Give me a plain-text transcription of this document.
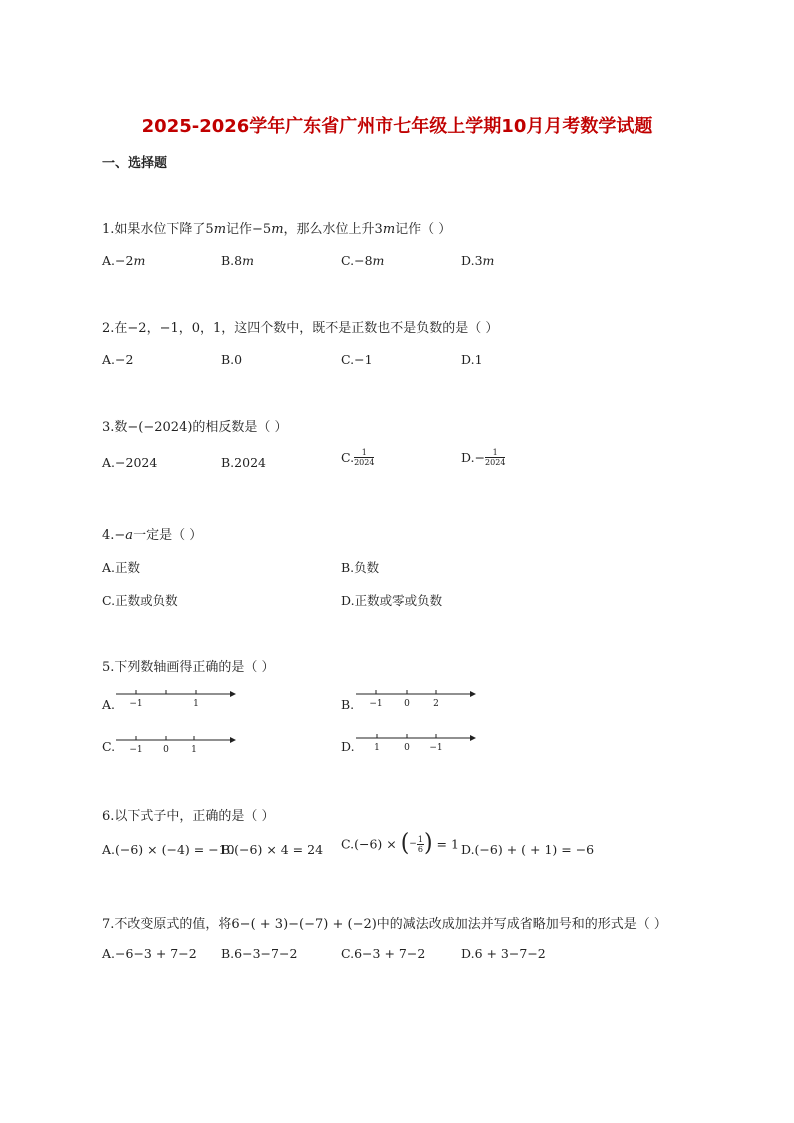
2025-2026学年广东省广州市七年级上学期10月月考数学试题
一、选择题
1.如果水位下降了5m记作−5m，那么水位上升3m记作（ ）
A.−2m	B.8m	C.−8m	D.3m
2.在−2，−1，0，1，这四个数中，既不是正数也不是负数的是（ ）
A.−2	B.0	C.−1	D.1
3.数−(−2024)的相反数是（ ）
A.−2024	B.2024	C. $\frac{1}{2024}$	$D.- \frac{1}{2024}$
4.−a一定是（ ）
A.正数	B.负数
C.正数或负数	D.正数或零或负数
5.下列数轴画得正确的是（ ）
A. −1	1	B. −1 0	2
C. −1 0 1	D. 1	0 −1
6.以下式子中，正确的是（ ）
A.(−6) × (−4) = −10
B.(−6) × 4 = 24 C.(−6) × (− $\frac{1}{6}$ ) = 1 D.(−6) + ( + 1) = −6
7.不改变原式的值，将6−( + 3)−(−7) + (−2)中的减法改成加法并写成省略加号和的形式是（ ）
A.−6−3 + 7−2 B.6−3−7−2	C.6−3 + 7−2	D.6 + 3−7−2
